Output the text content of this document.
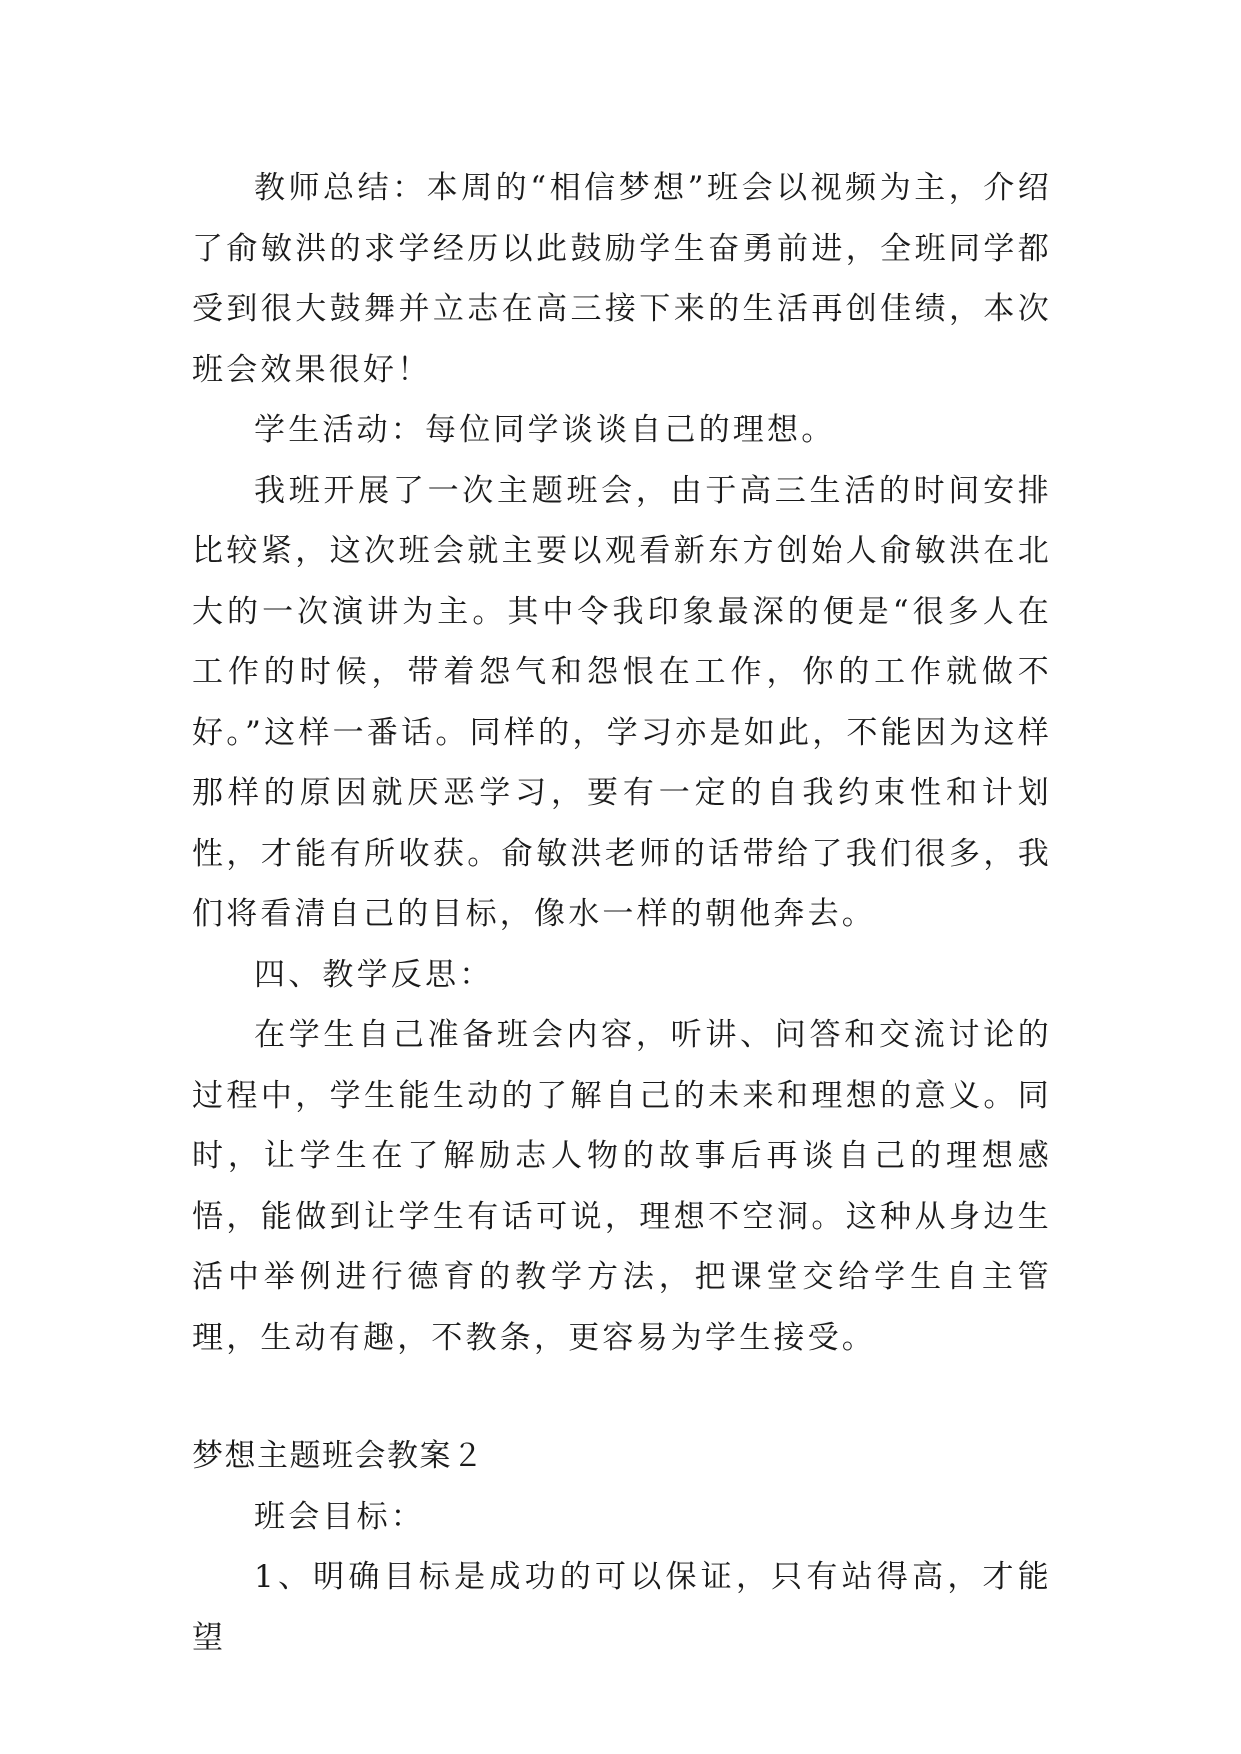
教师总结：本周的“相信梦想”班会以视频为主，介绍了俞敏洪的求学经历以此鼓励学生奋勇前进，全班同学都受到很大鼓舞并立志在高三接下来的生活再创佳绩，本次班会效果很好！

学生活动：每位同学谈谈自己的理想。

我班开展了一次主题班会，由于高三生活的时间安排比较紧，这次班会就主要以观看新东方创始人俞敏洪在北大的一次演讲为主。其中令我印象最深的便是“很多人在工作的时候，带着怨气和怨恨在工作，你的工作就做不好。”这样一番话。同样的，学习亦是如此，不能因为这样那样的原因就厌恶学习，要有一定的自我约束性和计划性，才能有所收获。俞敏洪老师的话带给了我们很多，我们将看清自己的目标，像水一样的朝他奔去。

四、教学反思：

在学生自己准备班会内容，听讲、问答和交流讨论的过程中，学生能生动的了解自己的未来和理想的意义。同时，让学生在了解励志人物的故事后再谈自己的理想感悟，能做到让学生有话可说，理想不空洞。这种从身边生活中举例进行德育的教学方法，把课堂交给学生自主管理，生动有趣，不教条，更容易为学生接受。

梦想主题班会教案２

班会目标：

1、明确目标是成功的可以保证，只有站得高，才能望
